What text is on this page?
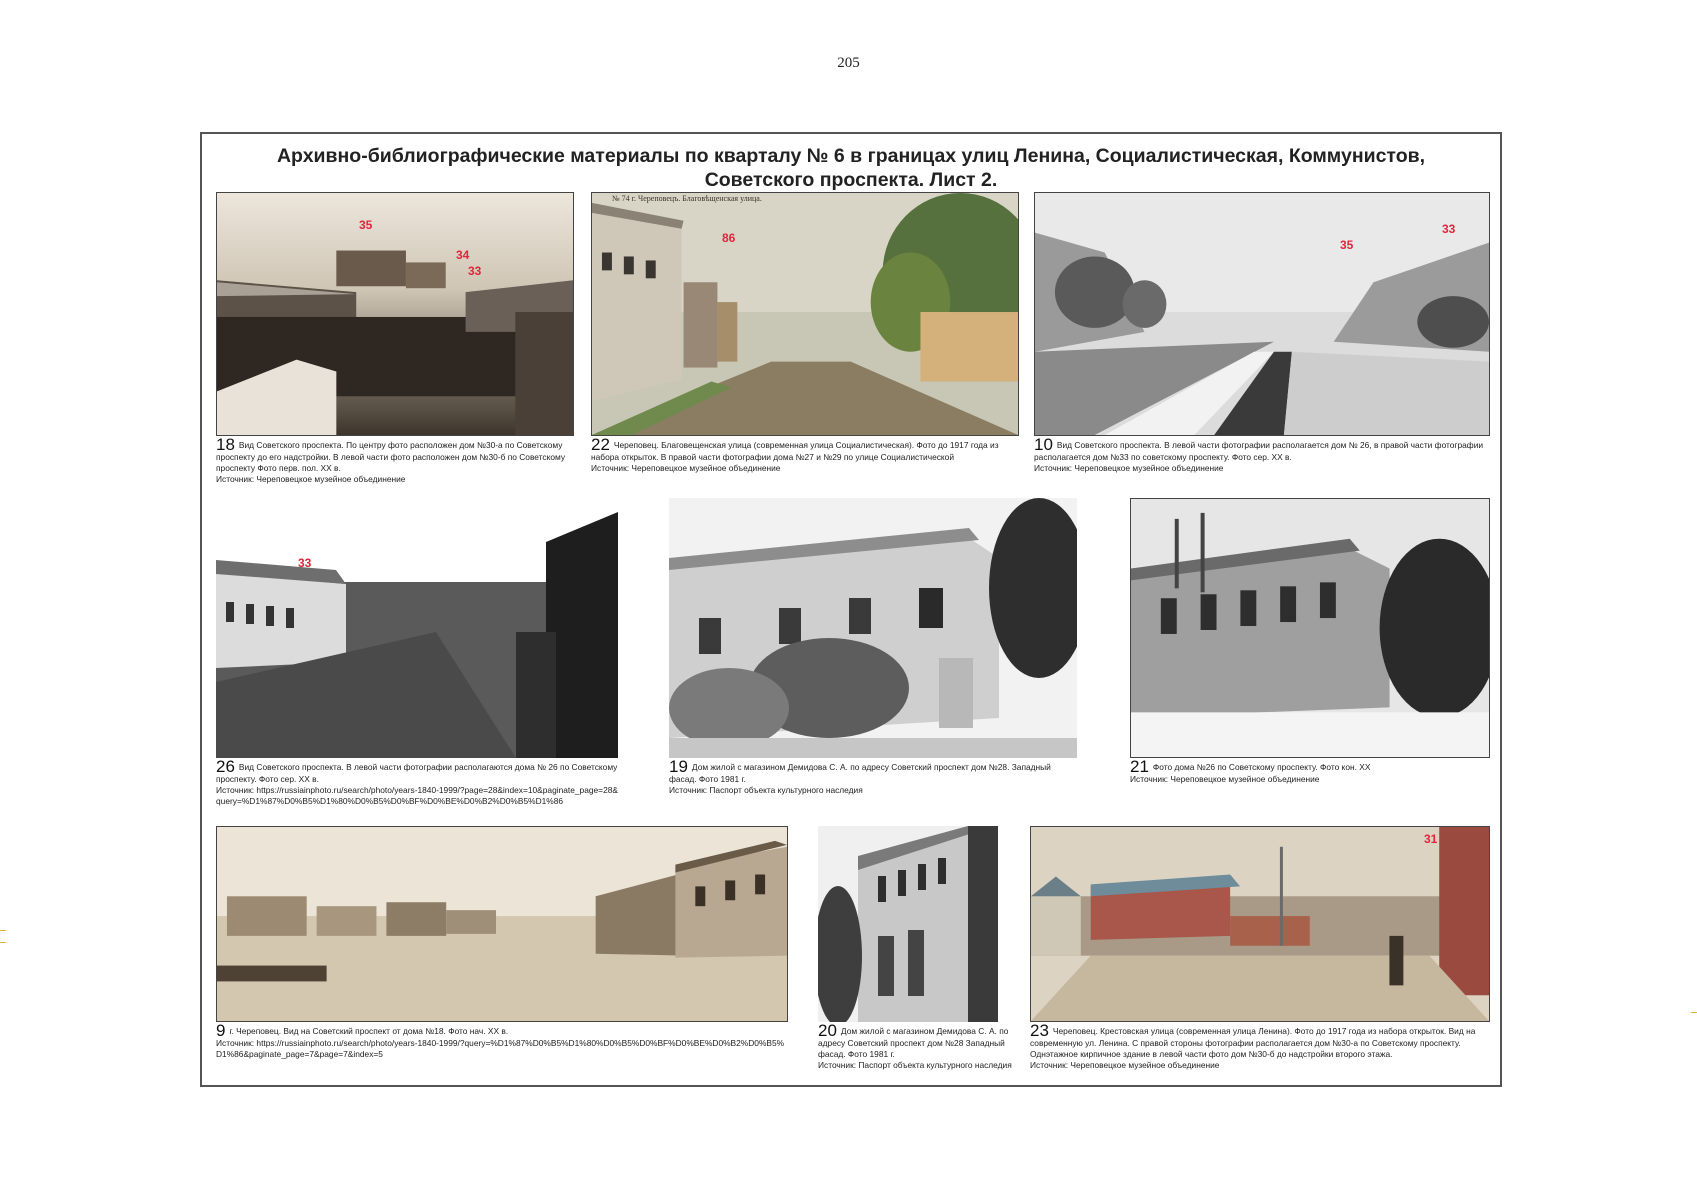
205
Архивно-библиографические материалы по кварталу № 6 в границах улиц Ленина, Социалистическая, Коммунистов,
Советского проспекта. Лист 2.
35
34
33
18 Вид Советского проспекта. По центру фото расположен дом №30-а по Советскому проспекту до его надстройки. В левой части фото расположен дом №30-б по Советскому проспекту Фото перв. пол. XX в.
Источник: Череповецкое музейное объединение
№ 74 г. Череповецъ. Благовѣщенская улица.
86
22 Череповец. Благовещенская улица (современная улица Социалистическая). Фото до 1917 года из набора открыток. В правой части фотографии дома №27 и №29 по улице Социалистической
Источник: Череповецкое музейное объединение
35
33
10 Вид Советского проспекта. В левой части фотографии располагается дом № 26, в правой части фотографии располагается дом №33 по советскому проспекту. Фото сер. XX в.
Источник: Череповецкое музейное объединение
33
26 Вид Советского проспекта. В левой части фотографии располагаются дома № 26 по Советскому проспекту. Фото сер. XX в.
Источник: https://russiainphoto.ru/search/photo/years-1840-1999/?page=28&index=10&paginate_page=28&query=%D1%87%D0%B5%D1%80%D0%B5%D0%BF%D0%BE%D0%B2%D0%B5%D1%86
19 Дом жилой с магазином Демидова С. А. по адресу Советский проспект дом №28. Западный фасад. Фото 1981 г.
Источник: Паспорт объекта культурного наследия
21 Фото дома №26 по Советскому проспекту. Фото кон. XX
Источник: Череповецкое музейное объединение
9 г. Череповец. Вид на Советский проспект от дома №18. Фото нач. XX в.
Источник: https://russiainphoto.ru/search/photo/years-1840-1999/?query=%D1%87%D0%B5%D1%80%D0%B5%D0%BF%D0%BE%D0%B2%D0%B5%D1%86&paginate_page=7&page=7&index=5
20 Дом жилой с магазином Демидова С. А. по адресу Советский проспект дом №28 Западный фасад. Фото 1981 г.
Источник: Паспорт объекта культурного наследия
31
23 Череповец. Крестовская улица (современная улица Ленина). Фото до 1917 года из набора открыток. Вид на современную ул. Ленина. С правой стороны фотографии располагается дом №30-а по Советскому проспекту. Однэтажное кирпичное здание в левой части фото дом №30-б до надстройки второго этажа.
Источник: Череповецкое музейное объединение
